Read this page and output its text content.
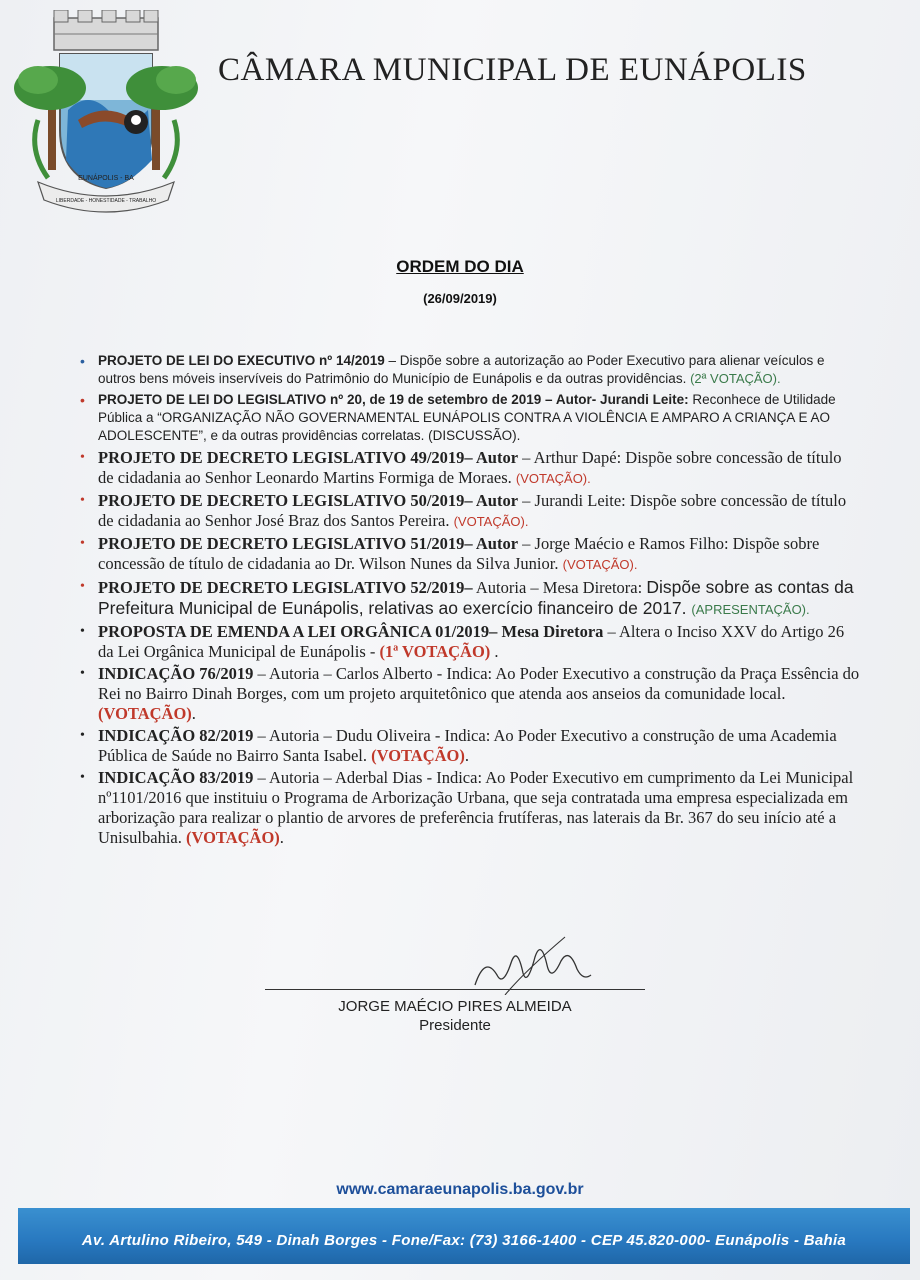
EUNÁPOLIS - BA
LIBERDADE - HONESTIDADE - TRABALHO
CÂMARA MUNICIPAL DE EUNÁPOLIS
ORDEM DO DIA
(26/09/2019)
• PROJETO DE LEI DO EXECUTIVO nº 14/2019 – Dispõe sobre a autorização ao Poder Executivo para alienar veículos e outros bens móveis inservíveis do Patrimônio do Município de Eunápolis e da outras providências. (2ª VOTAÇÃO).
• PROJETO DE LEI DO LEGISLATIVO nº 20, de 19 de setembro de 2019 – Autor- Jurandi Leite: Reconhece de Utilidade Pública a “ORGANIZAÇÃO NÃO GOVERNAMENTAL EUNÁPOLIS CONTRA A VIOLÊNCIA E AMPARO A CRIANÇA E AO ADOLESCENTE”, e da outras providências correlatas. (DISCUSSÃO).
• PROJETO DE DECRETO LEGISLATIVO 49/2019– Autor – Arthur Dapé: Dispõe sobre concessão de título de cidadania ao Senhor Leonardo Martins Formiga de Moraes. (VOTAÇÃO).
• PROJETO DE DECRETO LEGISLATIVO 50/2019– Autor – Jurandi Leite: Dispõe sobre concessão de título de cidadania ao Senhor José Braz dos Santos Pereira. (VOTAÇÃO).
• PROJETO DE DECRETO LEGISLATIVO 51/2019– Autor – Jorge Maécio e Ramos Filho: Dispõe sobre concessão de título de cidadania ao Dr. Wilson Nunes da Silva Junior. (VOTAÇÃO).
• PROJETO DE DECRETO LEGISLATIVO 52/2019– Autoria – Mesa Diretora: Dispõe sobre as contas da Prefeitura Municipal de Eunápolis, relativas ao exercício financeiro de 2017. (APRESENTAÇÃO).
• PROPOSTA DE EMENDA A LEI ORGÂNICA 01/2019– Mesa Diretora – Altera o Inciso XXV do Artigo 26 da Lei Orgânica Municipal de Eunápolis - (1ª VOTAÇÃO) .
• INDICAÇÃO 76/2019 – Autoria – Carlos Alberto - Indica: Ao Poder Executivo a construção da Praça Essência do Rei no Bairro Dinah Borges, com um projeto arquitetônico que atenda aos anseios da comunidade local. (VOTAÇÃO).
• INDICAÇÃO 82/2019 – Autoria – Dudu Oliveira - Indica: Ao Poder Executivo a construção de uma Academia Pública de Saúde no Bairro Santa Isabel. (VOTAÇÃO).
• INDICAÇÃO 83/2019 – Autoria – Aderbal Dias - Indica: Ao Poder Executivo em cumprimento da Lei Municipal nº1101/2016 que instituiu o Programa de Arborização Urbana, que seja contratada uma empresa especializada em arborização para realizar o plantio de arvores de preferência frutíferas, nas laterais da Br. 367 do seu início até a Unisulbahia. (VOTAÇÃO).
JORGE MAÉCIO PIRES ALMEIDA
Presidente
www.camaraeunapolis.ba.gov.br
Av. Artulino Ribeiro, 549 - Dinah Borges - Fone/Fax: (73) 3166-1400 - CEP 45.820-000- Eunápolis - Bahia
